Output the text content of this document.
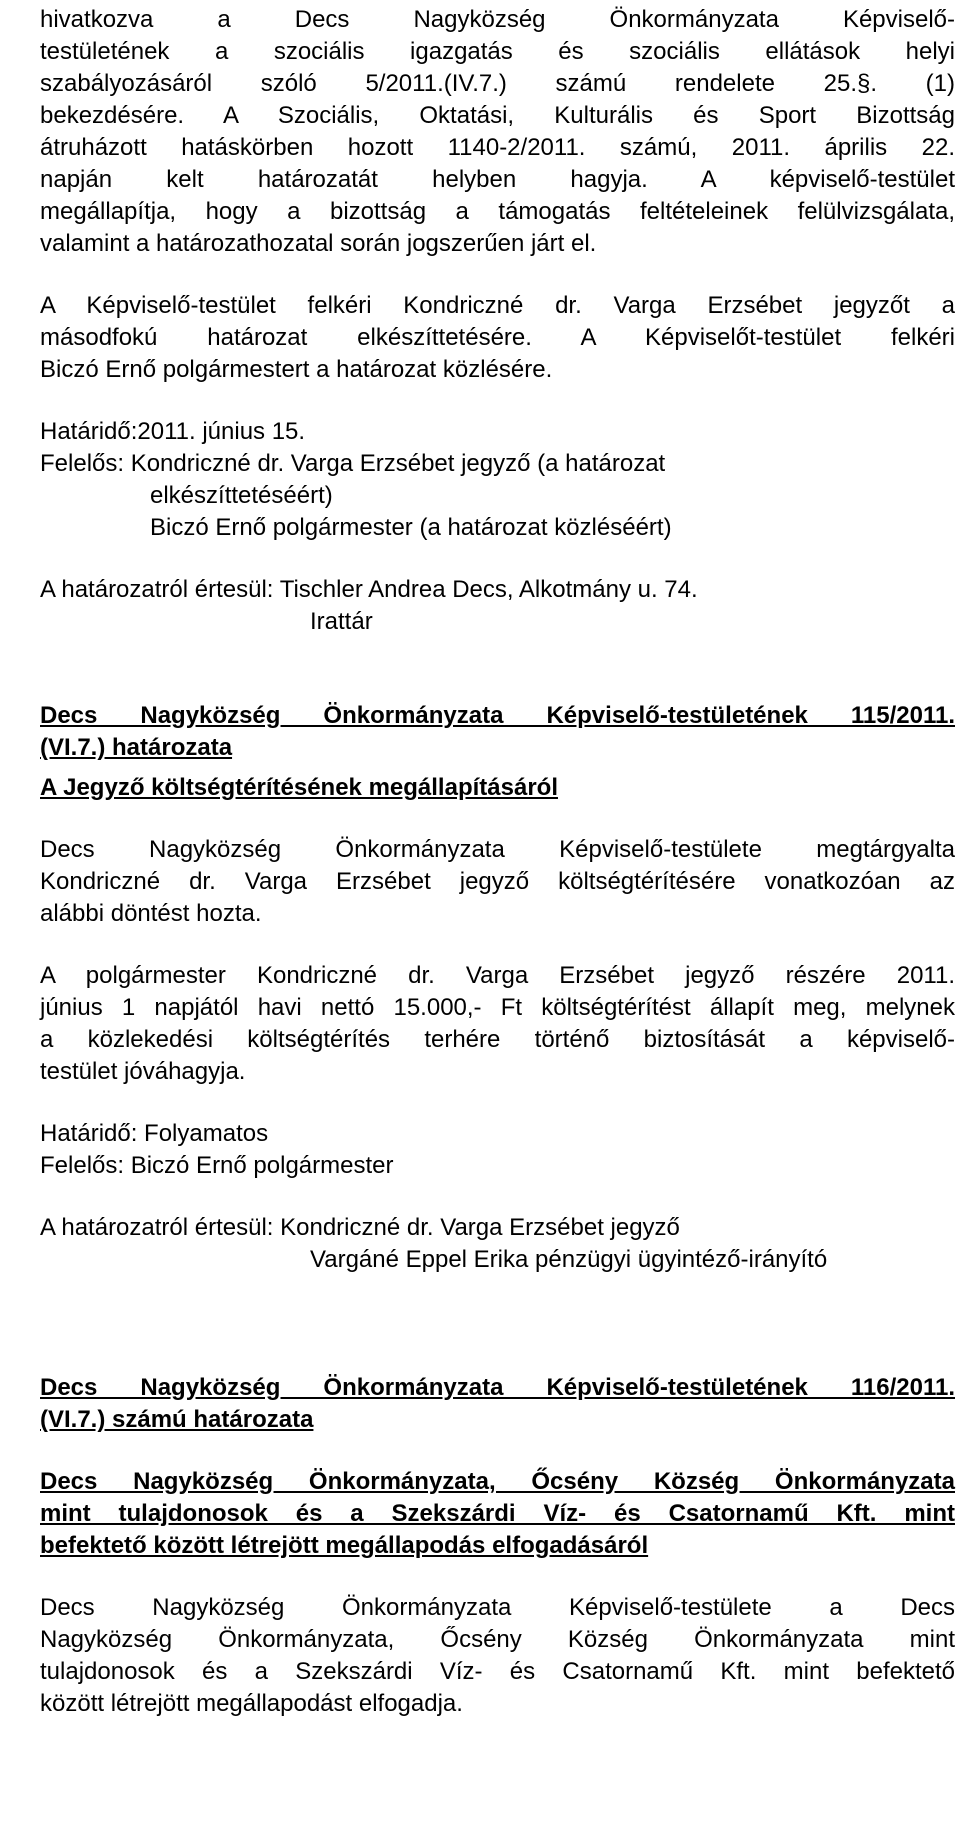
hivatkozva a Decs Nagyközség Önkormányzata Képviselő-

testületének a szociális igazgatás és szociális ellátások helyi

szabályozásáról szóló 5/2011.(IV.7.) számú rendelete 25.§. (1)

bekezdésére. A Szociális, Oktatási, Kulturális és Sport Bizottság

átruházott hatáskörben hozott 1140-2/2011. számú, 2011. április 22.

napján kelt határozatát helyben hagyja. A képviselő-testület

megállapítja, hogy a bizottság a támogatás feltételeinek felülvizsgálata,

valamint a határozathozatal során jogszerűen járt el.

A Képviselő-testület felkéri Kondriczné dr. Varga Erzsébet jegyzőt a

másodfokú határozat elkészíttetésére. A Képviselőt-testület felkéri

Biczó Ernő polgármestert a határozat közlésére.

Határidő:2011. június 15.

Felelős: Kondriczné dr. Varga Erzsébet jegyző (a határozat

elkészíttetéséért)

Biczó Ernő polgármester (a határozat közléséért)

A határozatról értesül: Tischler Andrea Decs, Alkotmány u. 74.

Irattár

Decs Nagyközség Önkormányzata Képviselő-testületének 115/2011.

(VI.7.) határozata

A Jegyző költségtérítésének megállapításáról

Decs Nagyközség Önkormányzata Képviselő-testülete megtárgyalta

Kondriczné dr. Varga Erzsébet jegyző költségtérítésére vonatkozóan az

alábbi döntést hozta.

A polgármester Kondriczné dr. Varga Erzsébet jegyző részére 2011.

június 1 napjától havi nettó 15.000,- Ft költségtérítést állapít meg, melynek

a közlekedési költségtérítés terhére történő biztosítását a képviselő-

testület jóváhagyja.

Határidő: Folyamatos

Felelős: Biczó Ernő polgármester

A határozatról értesül: Kondriczné dr. Varga Erzsébet jegyző

Vargáné Eppel Erika pénzügyi ügyintéző-irányító

Decs Nagyközség Önkormányzata Képviselő-testületének 116/2011.

(VI.7.) számú határozata

Decs Nagyközség Önkormányzata, Őcsény Község Önkormányzata

mint tulajdonosok és a Szekszárdi Víz- és Csatornamű Kft. mint

befektető között létrejött megállapodás elfogadásáról

Decs Nagyközség Önkormányzata Képviselő-testülete a Decs

Nagyközség Önkormányzata, Őcsény Község Önkormányzata mint

tulajdonosok és a Szekszárdi Víz- és Csatornamű Kft. mint befektető

között létrejött megállapodást elfogadja.
